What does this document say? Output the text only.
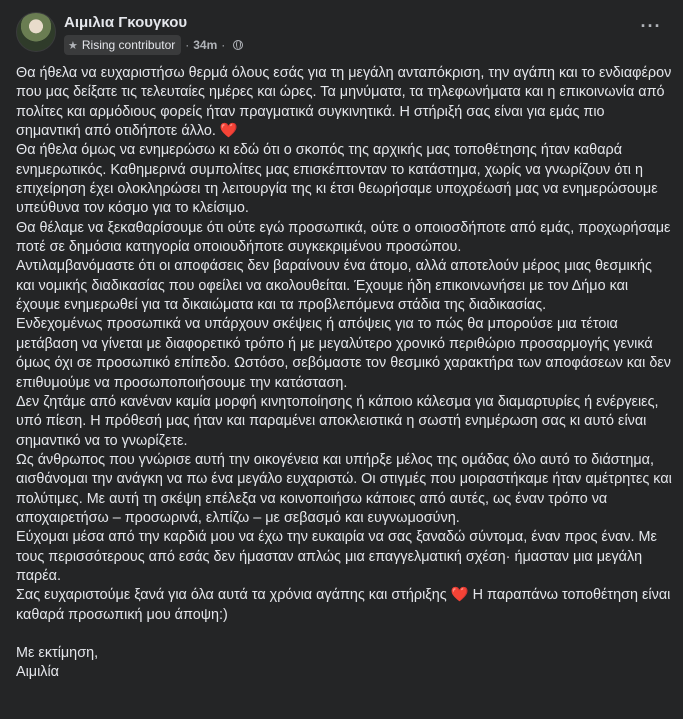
Αιμιλια Γκουγκου
★ Rising contributor · 34m ·
···

Θα ήθελα να ευχαριστήσω θερμά όλους εσάς για τη μεγάλη ανταπόκριση, την αγάπη και το ενδιαφέρον που μας δείξατε τις τελευταίες ημέρες και ώρες. Τα μηνύματα, τα τηλεφωνήματα και η επικοινωνία από πολίτες και αρμόδιους φορείς ήταν πραγματικά συγκινητικά. Η στήριξή σας είναι για εμάς πιο σημαντική από οτιδήποτε άλλο. ❤️

Θα ήθελα όμως να ενημερώσω κι εδώ ότι ο σκοπός της αρχικής μας τοποθέτησης ήταν καθαρά ενημερωτικός. Καθημερινά συμπολίτες μας επισκέπτονταν το κατάστημα, χωρίς να γνωρίζουν ότι η επιχείρηση έχει ολοκληρώσει τη λειτουργία της κι έτσι θεωρήσαμε υποχρέωσή μας να ενημερώσουμε υπεύθυνα τον κόσμο για το κλείσιμο.

Θα θέλαμε να ξεκαθαρίσουμε ότι ούτε εγώ προσωπικά, ούτε ο οποιοσδήποτε από εμάς, προχωρήσαμε ποτέ σε δημόσια κατηγορία οποιουδήποτε συγκεκριμένου προσώπου.

Αντιλαμβανόμαστε ότι οι αποφάσεις δεν βαραίνουν ένα άτομο, αλλά αποτελούν μέρος μιας θεσμικής και νομικής διαδικασίας που οφείλει να ακολουθείται. Έχουμε ήδη επικοινωνήσει με τον Δήμο και έχουμε ενημερωθεί για τα δικαιώματα και τα προβλεπόμενα στάδια της διαδικασίας.

Ενδεχομένως προσωπικά να υπάρχουν σκέψεις ή απόψεις για το πώς θα μπορούσε μια τέτοια μετάβαση να γίνεται με διαφορετικό τρόπο ή με μεγαλύτερο χρονικό περιθώριο προσαρμογής γενικά όμως όχι σε προσωπικό επίπεδο. Ωστόσο, σεβόμαστε τον θεσμικό χαρακτήρα των αποφάσεων και δεν επιθυμούμε να προσωποποιήσουμε την κατάσταση.

Δεν ζητάμε από κανέναν καμία μορφή κινητοποίησης ή κάποιο κάλεσμα για διαμαρτυρίες ή ενέργειες, υπό πίεση. Η πρόθεσή μας ήταν και παραμένει αποκλειστικά η σωστή ενημέρωση σας κι αυτό είναι σημαντικό να το γνωρίζετε.

Ως άνθρωπος που γνώρισε αυτή την οικογένεια και υπήρξε μέλος της ομάδας όλο αυτό το διάστημα, αισθάνομαι την ανάγκη να πω ένα μεγάλο ευχαριστώ. Οι στιγμές που μοιραστήκαμε ήταν αμέτρητες και πολύτιμες. Με αυτή τη σκέψη επέλεξα να κοινοποιήσω κάποιες από αυτές, ως έναν τρόπο να αποχαιρετήσω – προσωρινά, ελπίζω – με σεβασμό και ευγνωμοσύνη.

Εύχομαι μέσα από την καρδιά μου να έχω την ευκαιρία να σας ξαναδώ σύντομα, έναν προς έναν. Με τους περισσότερους από εσάς δεν ήμασταν απλώς μια επαγγελματική σχέση· ήμασταν μια μεγάλη παρέα.

Σας ευχαριστούμε ξανά για όλα αυτά τα χρόνια αγάπης και στήριξης ❤️ Η παραπάνω τοποθέτηση είναι καθαρά προσωπική μου άποψη:)

Με εκτίμηση,

Αιμιλία
